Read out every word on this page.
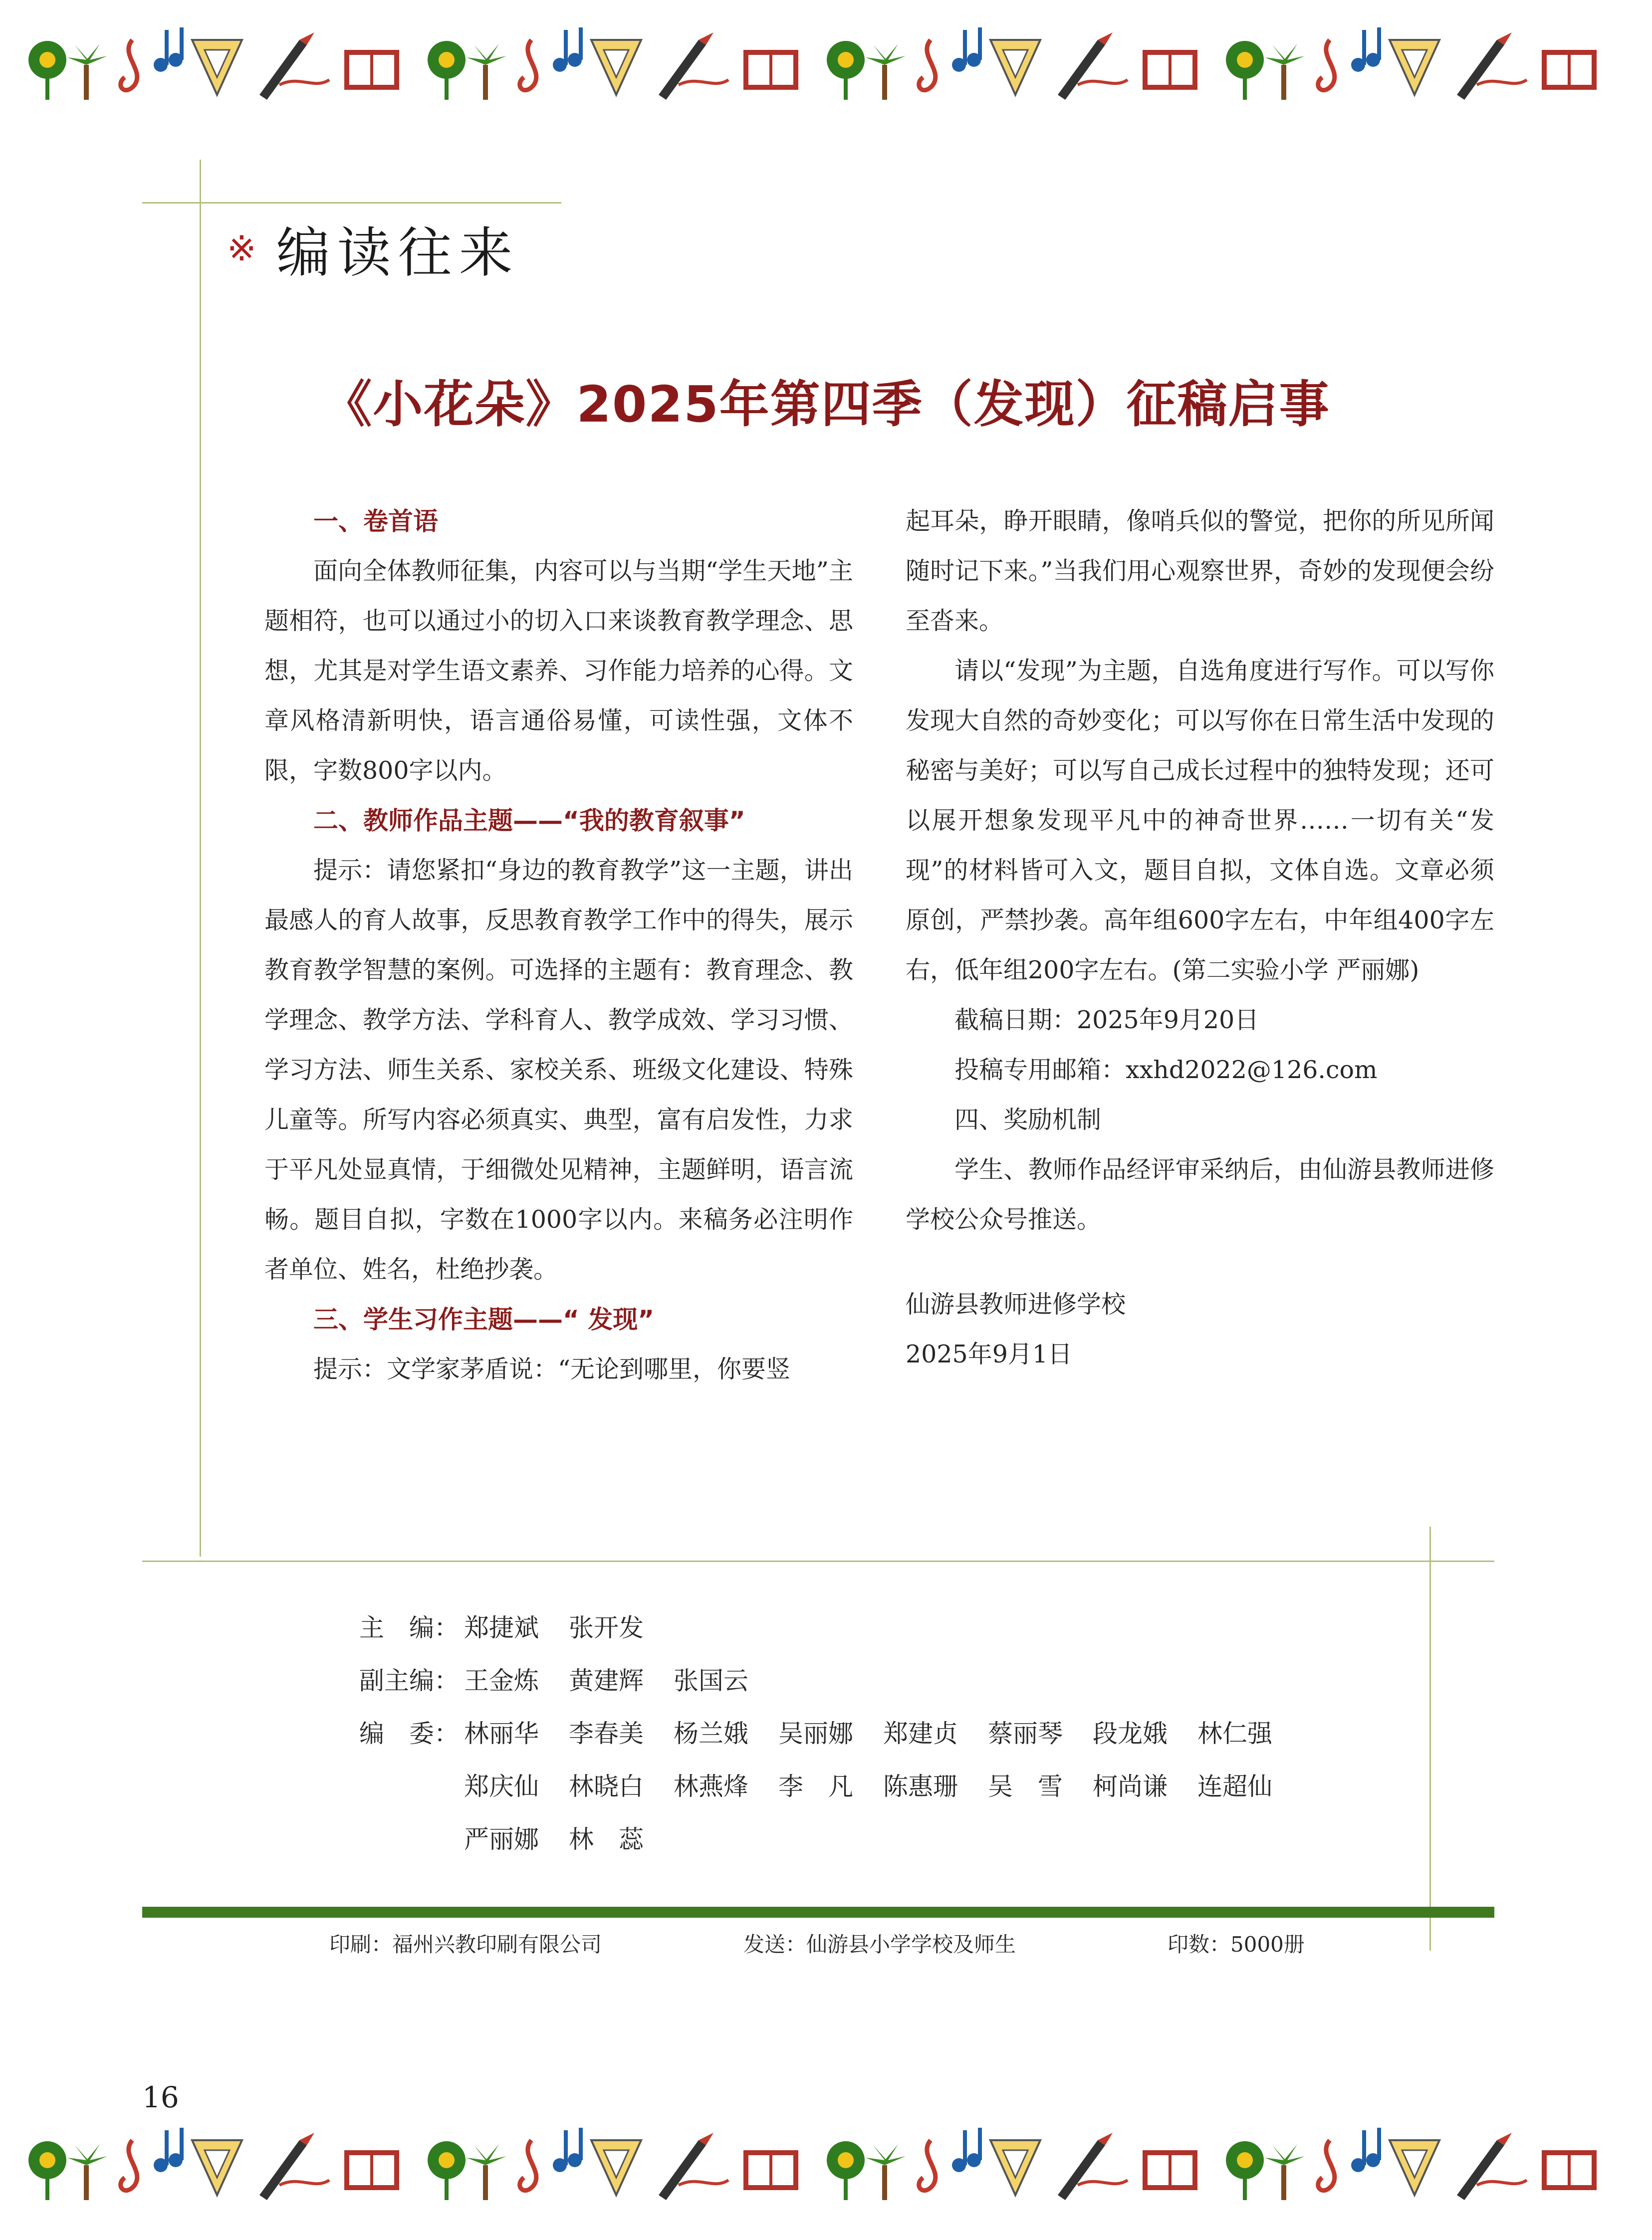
※ 编读往来
《小花朵》2025年第四季（发现）征稿启事
一、卷首语

面向全体教师征集，内容可以与当期“学生天地”主题相符，也可以通过小的切入口来谈教育教学理念、思想，尤其是对学生语文素养、习作能力培养的心得。文章风格清新明快，语言通俗易懂，可读性强，文体不限，字数800字以内。

二、教师作品主题——“我的教育叙事”

提示：请您紧扣“身边的教育教学”这一主题，讲出最感人的育人故事，反思教育教学工作中的得失，展示教育教学智慧的案例。可选择的主题有：教育理念、教学理念、教学方法、学科育人、教学成效、学习习惯、学习方法、师生关系、家校关系、班级文化建设、特殊儿童等。所写内容必须真实、典型，富有启发性，力求于平凡处显真情，于细微处见精神，主题鲜明，语言流畅。题目自拟，字数在1000字以内。来稿务必注明作者单位、姓名，杜绝抄袭。

三、学生习作主题——“ 发现”

提示：文学家茅盾说：“无论到哪里，你要竖

起耳朵，睁开眼睛，像哨兵似的警觉，把你的所见所闻随时记下来。”当我们用心观察世界，奇妙的发现便会纷至沓来。

请以“发现”为主题，自选角度进行写作。可以写你发现大自然的奇妙变化；可以写你在日常生活中发现的秘密与美好；可以写自己成长过程中的独特发现；还可以展开想象发现平凡中的神奇世界……一切有关“发现”的材料皆可入文，题目自拟，文体自选。文章必须原创，严禁抄袭。高年组600字左右，中年组400字左右，低年组200字左右。(第二实验小学 严丽娜)

截稿日期：2025年9月20日

投稿专用邮箱：xxhd2022@126.com

四、奖励机制

学生、教师作品经评审采纳后，由仙游县教师进修学校公众号推送。

仙游县教师进修学校

2025年9月1日

主　编： 郑捷斌	张开发
副主编： 王金炼	黄建辉	张国云
编　委： 林丽华	李春美	杨兰娥	吴丽娜	郑建贞	蔡丽琴	段龙娥	林仁强
郑庆仙	林晓白	林燕烽	李　凡	陈惠珊	吴　雪	柯尚谦	连超仙
严丽娜	林　蕊
印刷：福州兴教印刷有限公司	发送：仙游县小学学校及师生	印数：5000册
16
